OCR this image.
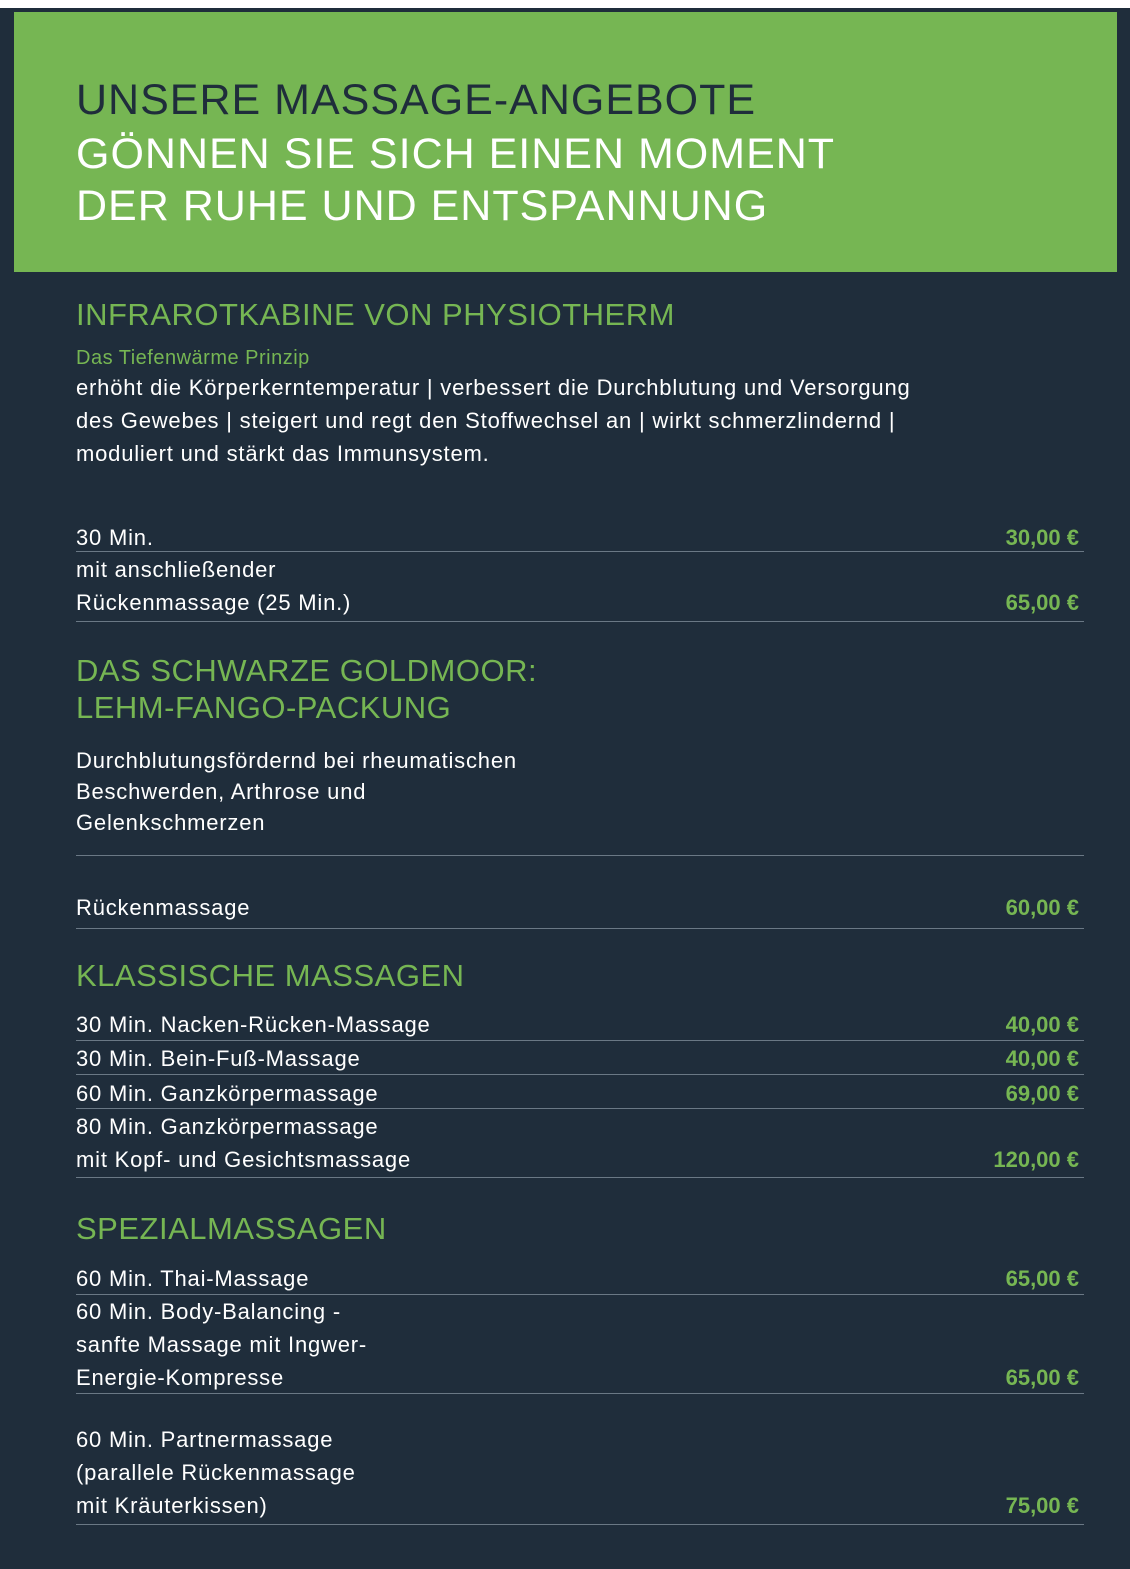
UNSERE MASSAGE-ANGEBOTE
GÖNNEN SIE SICH EINEN MOMENT
DER RUHE UND ENTSPANNUNG
INFRAROTKABINE VON PHYSIOTHERM
Das Tiefenwärme Prinzip
erhöht die Körperkerntemperatur | verbessert die Durchblutung und Versorgung
des Gewebes | steigert und regt den Stoffwechsel an | wirkt schmerzlindernd |
moduliert und stärkt das Immunsystem.
30 Min.	30,00 €
mit anschließender
Rückenmassage (25 Min.)	65,00 €
DAS SCHWARZE GOLDMOOR:
LEHM-FANGO-PACKUNG
Durchblutungsfördernd bei rheumatischen
Beschwerden, Arthrose und
Gelenkschmerzen
Rückenmassage	60,00 €
KLASSISCHE MASSAGEN
30 Min. Nacken-Rücken-Massage	40,00 €
30 Min. Bein-Fuß-Massage	40,00 €
60 Min. Ganzkörpermassage	69,00 €
80 Min. Ganzkörpermassage
mit Kopf- und Gesichtsmassage	120,00 €
SPEZIALMASSAGEN
60 Min. Thai-Massage	65,00 €
60 Min. Body-Balancing -
sanfte Massage mit Ingwer-
Energie-Kompresse	65,00 €
60 Min. Partnermassage
(parallele Rückenmassage
mit Kräuterkissen)	75,00 €
